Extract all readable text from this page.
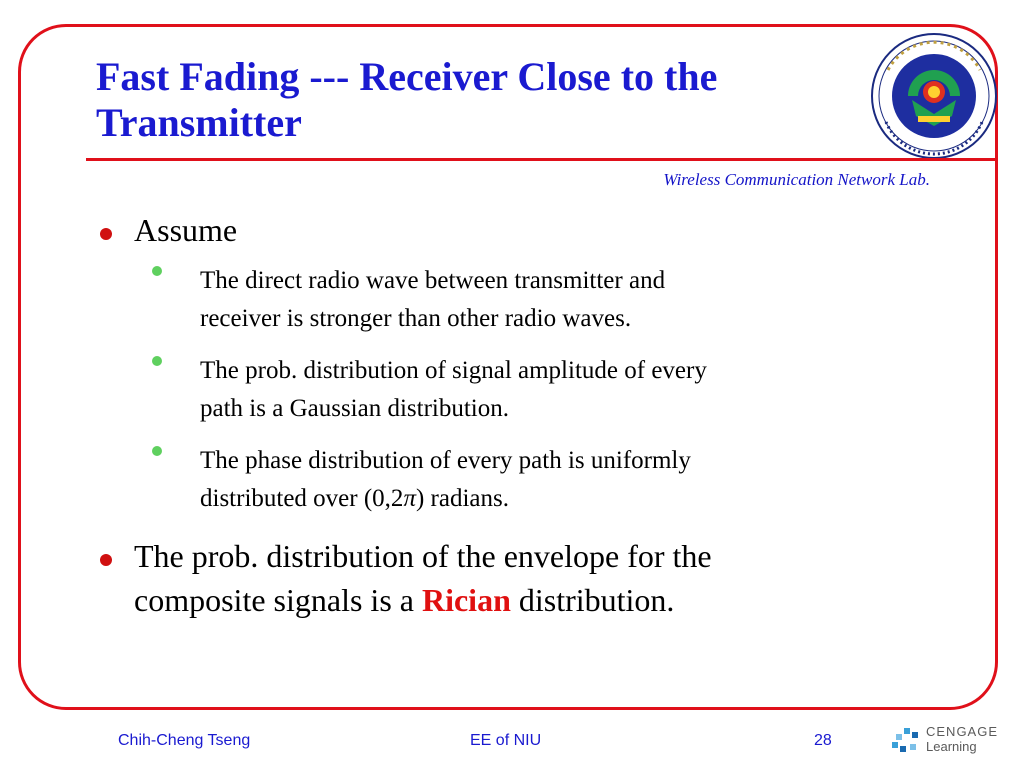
Fast Fading --- Receiver Close to the
Transmitter
Wireless Communication Network Lab.
Assume
The direct radio wave between transmitter and
receiver is stronger than other radio waves.
The prob. distribution of signal amplitude of every
path is a Gaussian distribution.
The phase distribution of every path is uniformly
distributed over (0,2π) radians.
The prob. distribution of the envelope for the
composite signals is a Rician distribution.
Chih-Cheng Tseng	EE of NIU	28
CENGAGE
Learning
